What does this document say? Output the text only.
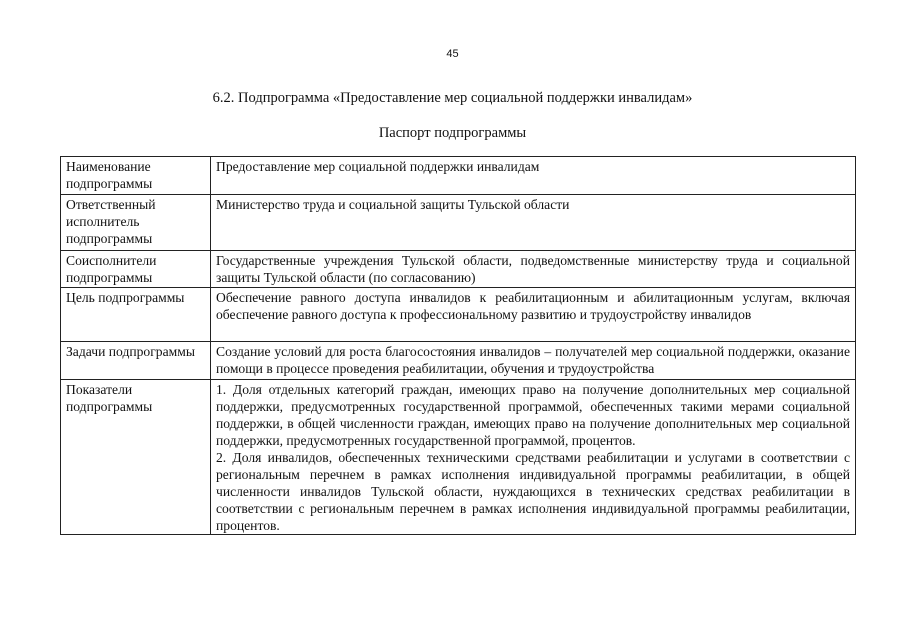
45
6.2. Подпрограмма «Предоставление мер социальной поддержки инвалидам»
Паспорт подпрограммы
Наименование подпрограммы	Предоставление мер социальной поддержки инвалидам
Ответственный исполнитель подпрограммы	Министерство труда и социальной защиты Тульской области
Соисполнители подпрограммы	Государственные учреждения Тульской области, подведомственные министерству труда и социальной защиты Тульской области (по согласованию)
Цель подпрограммы	Обеспечение равного доступа инвалидов к реабилитационным и абилитационным услугам, включая обеспечение равного доступа к профессиональному развитию и трудоустройству инвалидов
Задачи подпрограммы	Создание условий для роста благосостояния инвалидов – получателей мер социальной поддержки, оказание помощи в процессе проведения реабилитации, обучения и трудоустройства
Показатели подпрограммы	1. Доля отдельных категорий граждан, имеющих право на получение дополнительных мер социальной поддержки, предусмотренных государственной программой, обеспеченных такими мерами социальной поддержки, в общей численности граждан, имеющих право на получение дополнительных мер социальной поддержки, предусмотренных государственной программой, процентов.
2. Доля инвалидов, обеспеченных техническими средствами реабилитации и услугами в соответствии с региональным перечнем в рамках исполнения индивидуальной программы реабилитации, в общей численности инвалидов Тульской области, нуждающихся в технических средствах реабилитации в соответствии с региональным перечнем в рамках исполнения индивидуальной программы реабилитации, процентов.
